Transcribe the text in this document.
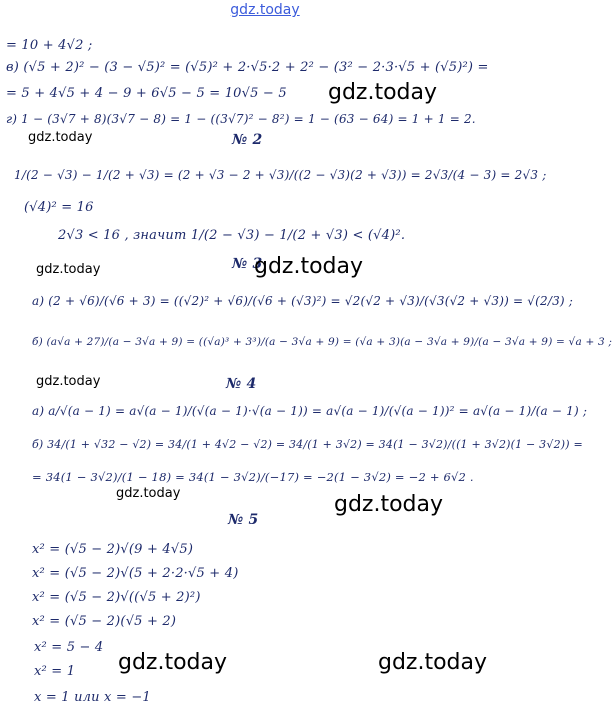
gdz.today
= 10 + 4√2 ;
в) (√5 + 2)² − (3 − √5)² = (√5)² + 2·√5·2 + 2² − (3² − 2·3·√5 + (√5)²) =
= 5 + 4√5 + 4 − 9 + 6√5 − 5 = 10√5 − 5
г) 1 − (3√7 + 8)(3√7 − 8) = 1 − ((3√7)² − 8²) = 1 − (63 − 64) = 1 + 1 = 2.
№ 2
1/(2 − √3) − 1/(2 + √3) = (2 + √3 − 2 + √3)/((2 − √3)(2 + √3)) = 2√3/(4 − 3) = 2√3 ;
(√4)² = 16
2√3 < 16 , значит 1/(2 − √3) − 1/(2 + √3) < (√4)².
№ 3
а) (2 + √6)/(√6 + 3) = ((√2)² + √6)/(√6 + (√3)²) = √2(√2 + √3)/(√3(√2 + √3)) = √(2/3) ;
б) (a√a + 27)/(a − 3√a + 9) = ((√a)³ + 3³)/(a − 3√a + 9) = (√a + 3)(a − 3√a + 9)/(a − 3√a + 9) = √a + 3 ;
№ 4
а) a/√(a − 1) = a√(a − 1)/(√(a − 1)·√(a − 1)) = a√(a − 1)/(√(a − 1))² = a√(a − 1)/(a − 1) ;
б) 34/(1 + √32 − √2) = 34/(1 + 4√2 − √2) = 34/(1 + 3√2) = 34(1 − 3√2)/((1 + 3√2)(1 − 3√2)) =
= 34(1 − 3√2)/(1 − 18) = 34(1 − 3√2)/(−17) = −2(1 − 3√2) = −2 + 6√2 .
№ 5
x² = (√5 − 2)√(9 + 4√5)
x² = (√5 − 2)√(5 + 2·2·√5 + 4)
x² = (√5 − 2)√((√5 + 2)²)
x² = (√5 − 2)(√5 + 2)
x² = 5 − 4
x² = 1
x = 1 или x = −1
gdz.today
gdz.today
gdz.today	gdz.today
gdz.today
gdz.today	gdz.today
gdz.today	gdz.today
